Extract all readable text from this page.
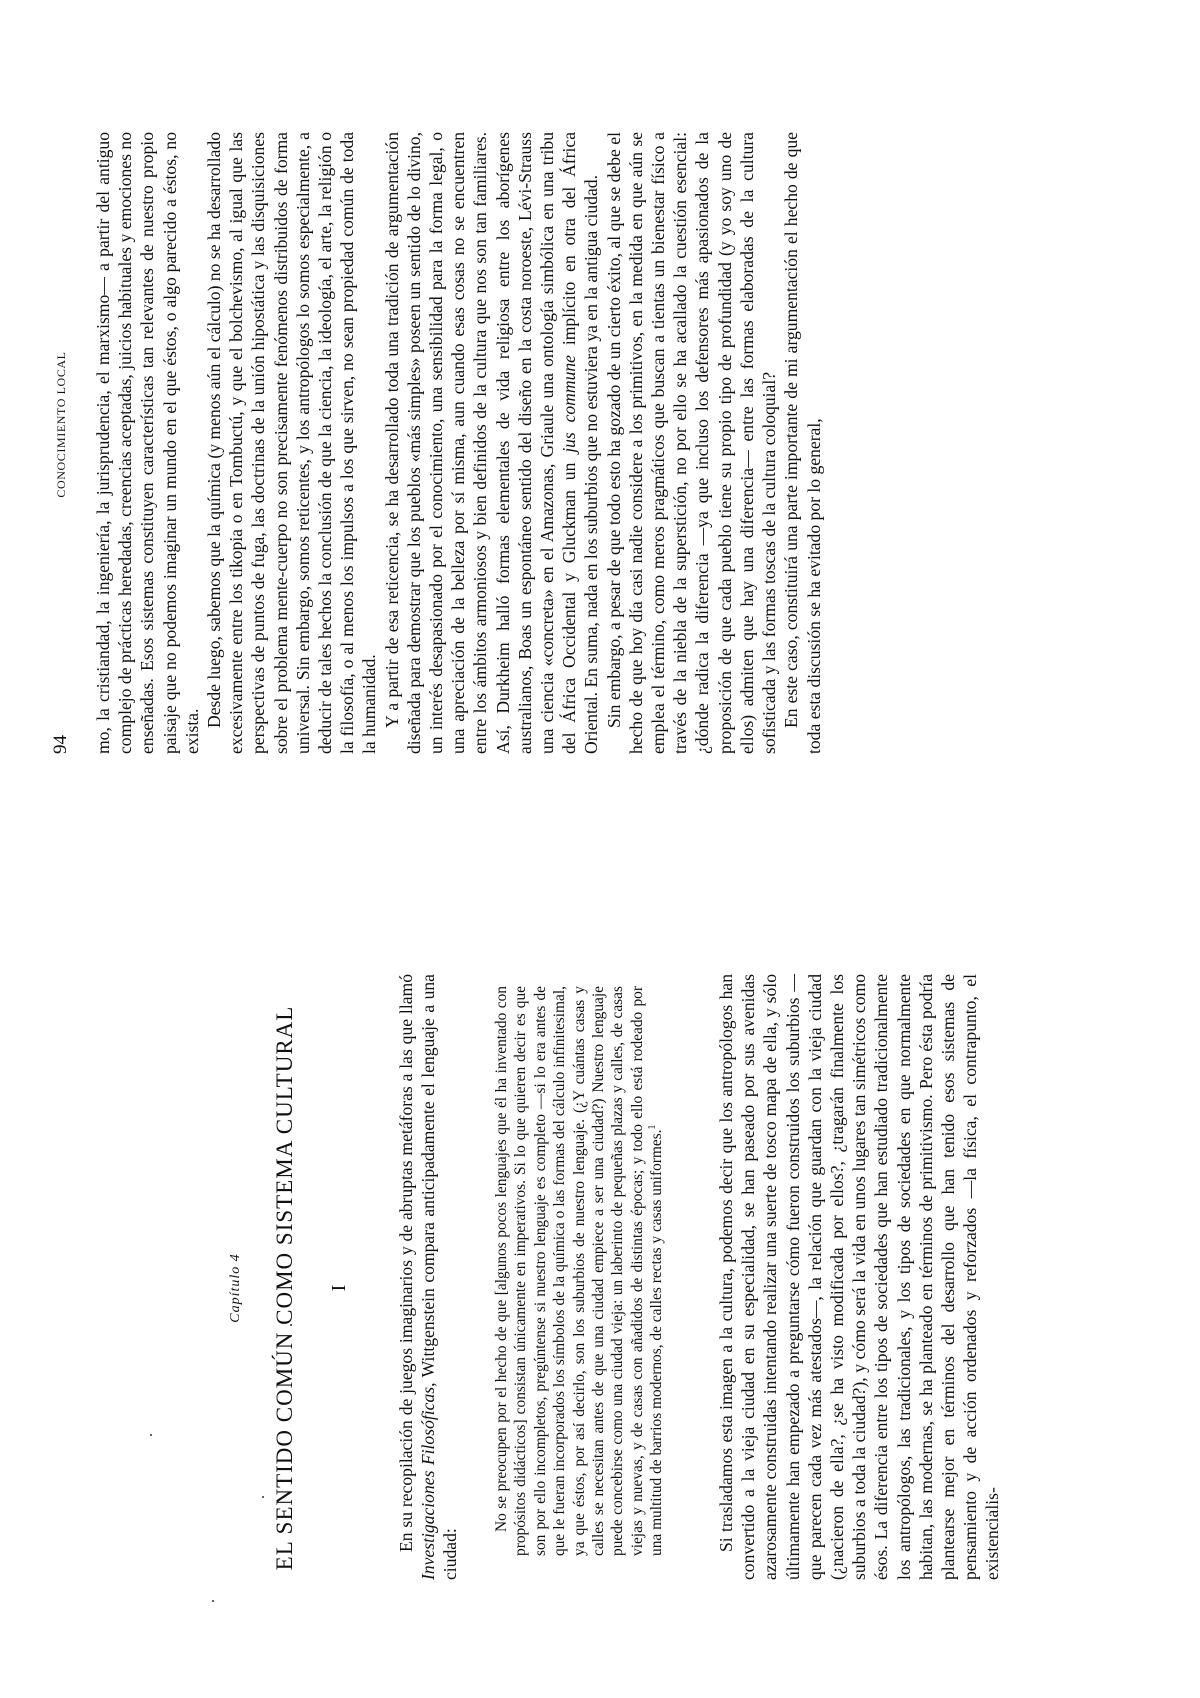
Capítulo 4 EL SENTIDO COMÚN COMO SISTEMA CULTURAL I	En su recopilación de juegos imaginarios y de abruptas metáforas a las que llamó Investigaciones Filosóficas, Wittgenstein compara anticipadamente el lenguaje a una ciudad:

No se preocupen por el hecho de que [algunos pocos lenguajes que él ha inventado con propósitos didácticos] consistan únicamente en imperativos. Si lo que quieren decir es que son por ello incompletos, pregúntense si nuestro lenguaje es completo —si lo era antes de que le fueran incorporados los símbolos de la química o las formas del cálculo infinitesimal, ya que éstos, por así decirlo, son los suburbios de nuestro lenguaje. (¿Y cuántas casas y calles se necesitan antes de que una ciudad empiece a ser una ciudad?) Nuestro lenguaje puede concebirse como una ciudad vieja: un laberinto de pequeñas plazas y calles, de casas viejas y nuevas, y de casas con añadidos de distintas épocas; y todo ello está rodeado por una multitud de barrios modernos, de calles rectas y casas uniformes.$^1$	Si trasladamos esta imagen a la cultura, podemos decir que los antropólogos han convertido a la vieja ciudad en su especialidad, se han paseado por sus avenidas azarosamente construidas intentando realizar una suerte de tosco mapa de ella, y sólo últimamente han empezado a preguntarse cómo fueron construidos los suburbios —que parecen cada vez más atestados—, la relación que guardan con la vieja ciudad (¿nacieron de ella?, ¿se ha visto modificada por ellos?, ¿tragarán finalmente los suburbios a toda la ciudad?), y cómo será la vida en unos lugares tan simétricos como ésos. La diferencia entre los tipos de sociedades que han estudiado tradicionalmente los antropólogos, las tradicionales, y los tipos de sociedades en que normalmente habitan, las modernas, se ha planteado en términos de primitivismo. Pero ésta podría plantearse mejor en términos del desarrollo que han tenido esos sistemas de pensamiento y de acción ordenados y reforzados —la física, el contrapunto, el existencialis-

94
CONOCIMIENTO LOCAL mo, la cristiandad, la ingeniería, la jurisprudencia, el marxismo— a partir del antiguo complejo de prácticas heredadas, creencias aceptadas, juicios habituales y emociones no enseñadas. Esos sistemas constituyen características tan relevantes de nuestro propio paisaje que no podemos imaginar un mundo en el que éstos, o algo parecido a éstos, no exista.

Desde luego, sabemos que la química (y menos aún el cálculo) no se ha desarrollado excesivamente entre los tikopia o en Tombuctú, y que el bolchevismo, al igual que las perspectivas de puntos de fuga, las doctrinas de la unión hipostática y las disquisiciones sobre el problema mente-cuerpo no son precisamente fenómenos distribuidos de forma universal. Sin embargo, somos reticentes, y los antropólogos lo somos especialmente, a deducir de tales hechos la conclusión de que la ciencia, la ideología, el arte, la religión o la filosofía, o al menos los impulsos a los que sirven, no sean propiedad común de toda la humanidad. Y a partir de esa reticencia, se ha desarrollado toda una tradición de argumentación diseñada para demostrar que los pueblos «más simples» poseen un sentido de lo divino, un interés desapasionado por el conocimiento, una sensibilidad para la forma legal, o una apreciación de la belleza por sí misma, aun cuando esas cosas no se encuentren entre los ámbitos armoniosos y bien definidos de la cultura que nos son tan familiares. Así, Durkheim halló formas elementales de vida religiosa entre los aborígenes australianos, Boas un espontáneo sentido del diseño en la costa noroeste, Lévi-Strauss una ciencia «concreta» en el Amazonas, Griaule una ontología simbólica en una tribu del África Occidental y Gluckman un jus commune implícito en otra del África Oriental. En suma, nada en los suburbios que no estuviera ya en la antigua ciudad. Sin embargo, a pesar de que todo esto ha gozado de un cierto éxito, al que se debe el hecho de que hoy día casi nadie considere a los primitivos, en la medida en que aún se emplea el término, como meros pragmáticos que buscan a tientas un bienestar físico a través de la niebla de la superstición, no por ello se ha acallado la cuestión esencial: ¿dónde radica la diferencia —ya que incluso los defensores más apasionados de la proposición de que cada pueblo tiene su propio tipo de profundidad (y yo soy uno de ellos) admiten que hay una diferencia— entre las formas elaboradas de la cultura sofisticada y las formas toscas de la cultura coloquial? En este caso, constituirá una parte importante de mi argumentación el hecho de que toda esta discusión se ha evitado por lo general,
